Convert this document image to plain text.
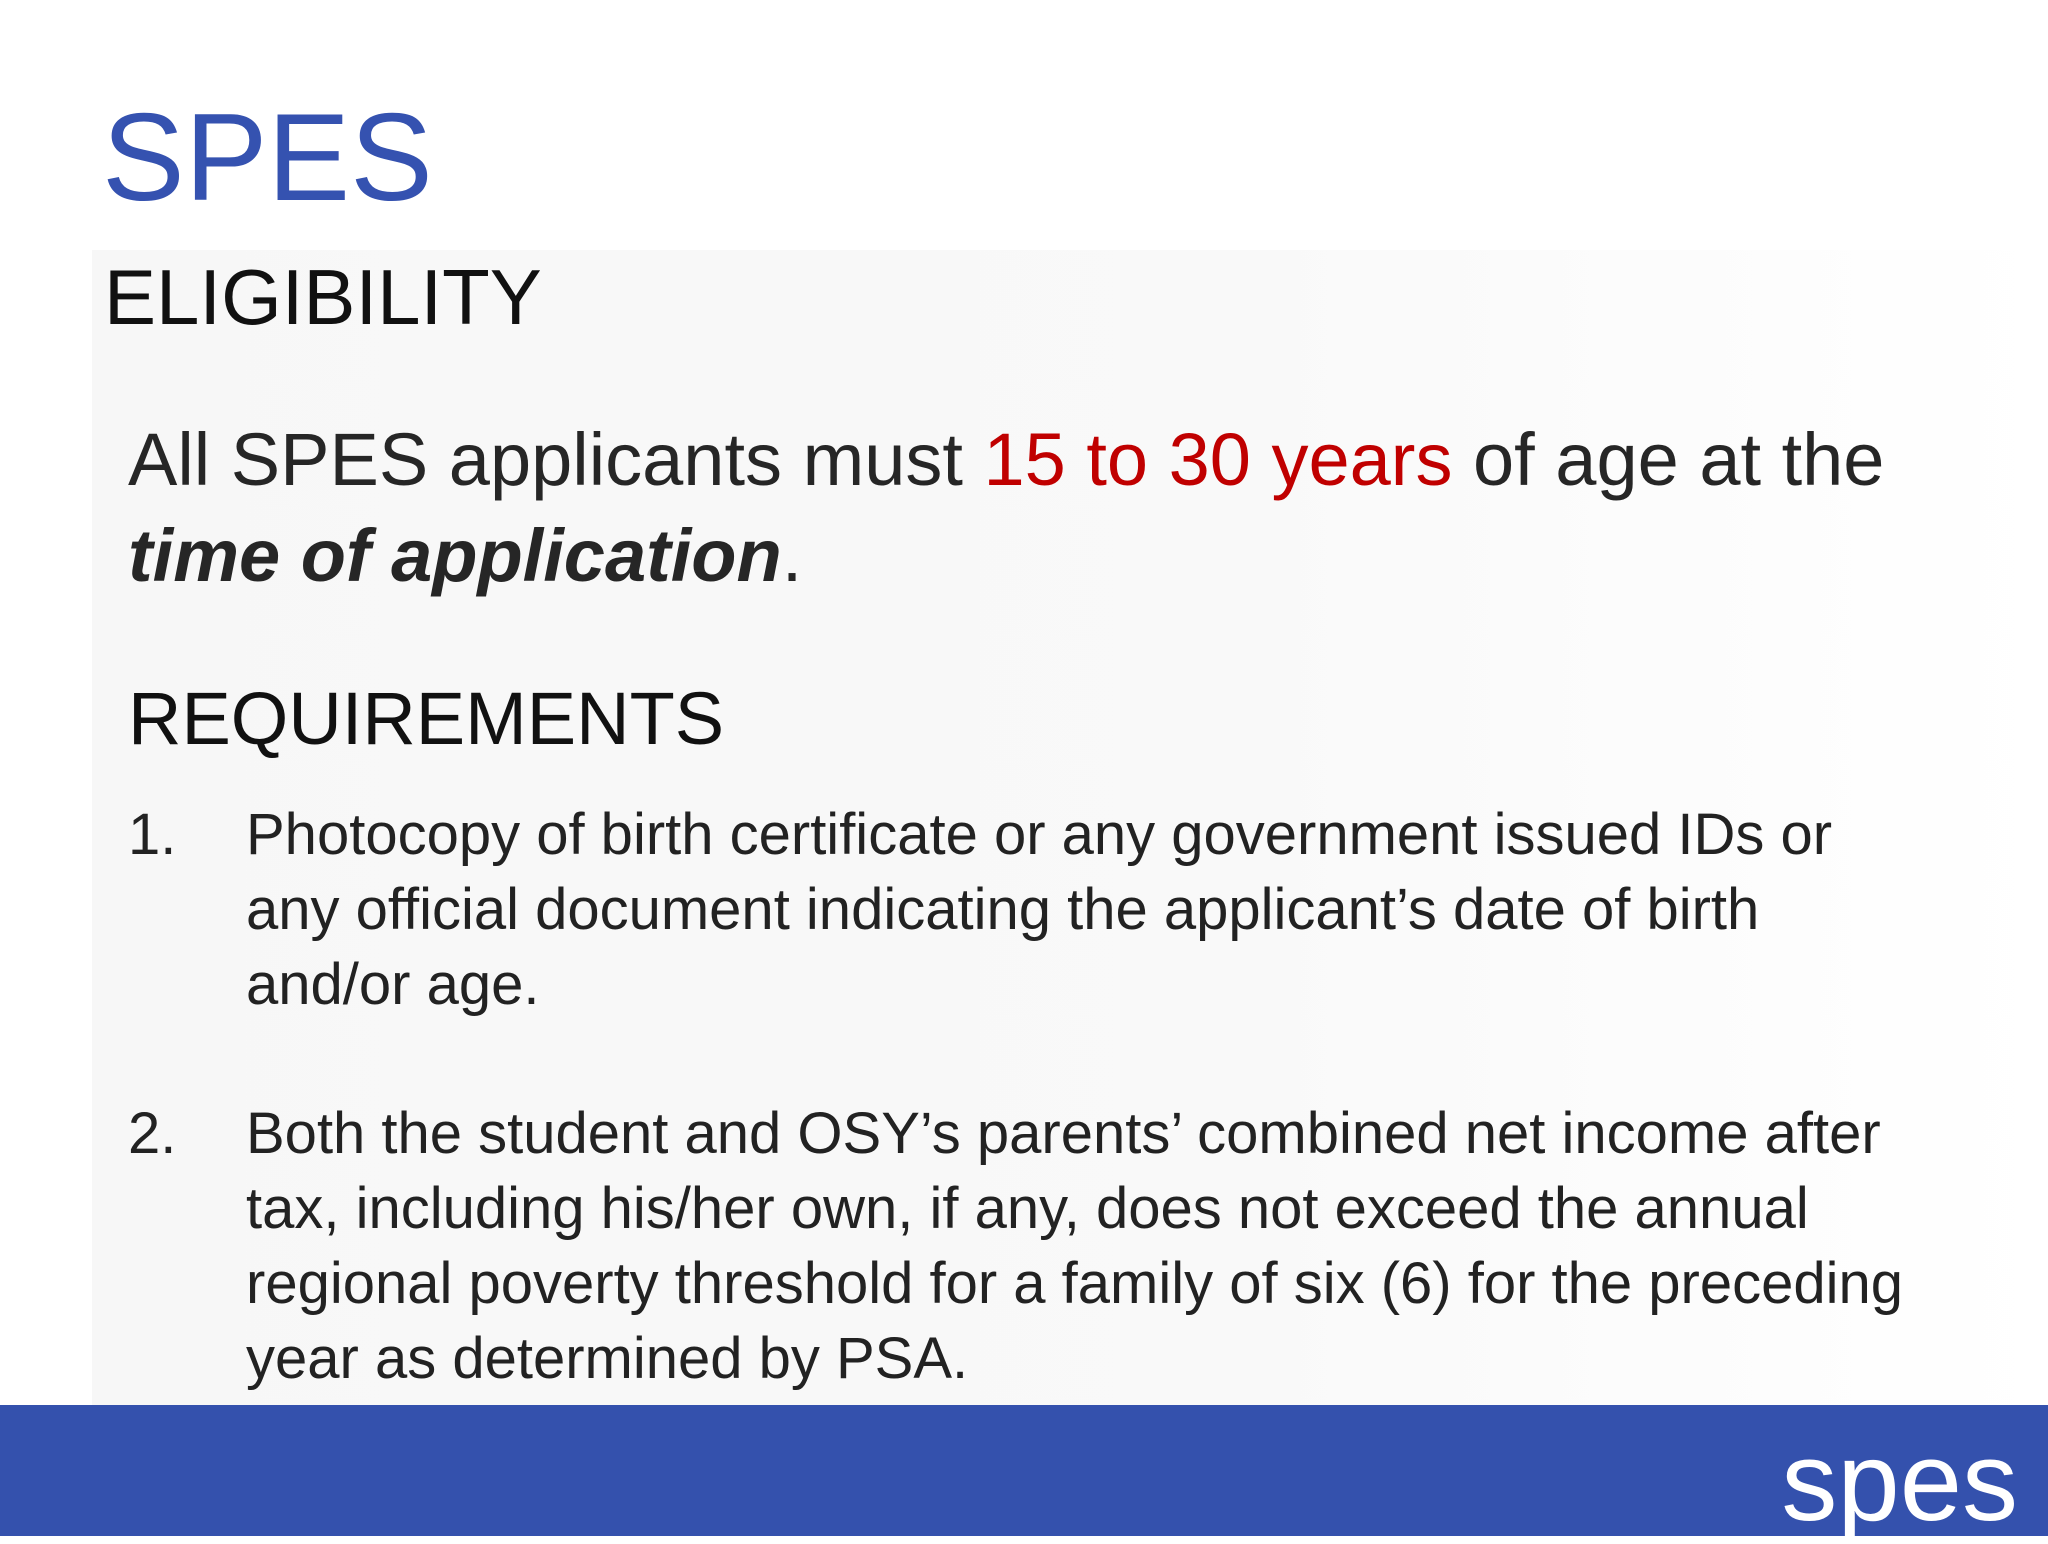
SPES
ELIGIBILITY

All SPES applicants must 15 to 30 years of age at the time of application.

REQUIREMENTS
1.	Photocopy of birth certificate or any government issued IDs or any official document indicating the applicant’s date of birth and/or age.
2.	Both the student and OSY’s parents’ combined net income after tax, including his/her own, if any, does not exceed the annual regional poverty threshold for a family of six (6) for the preceding year as determined by PSA.
spes
